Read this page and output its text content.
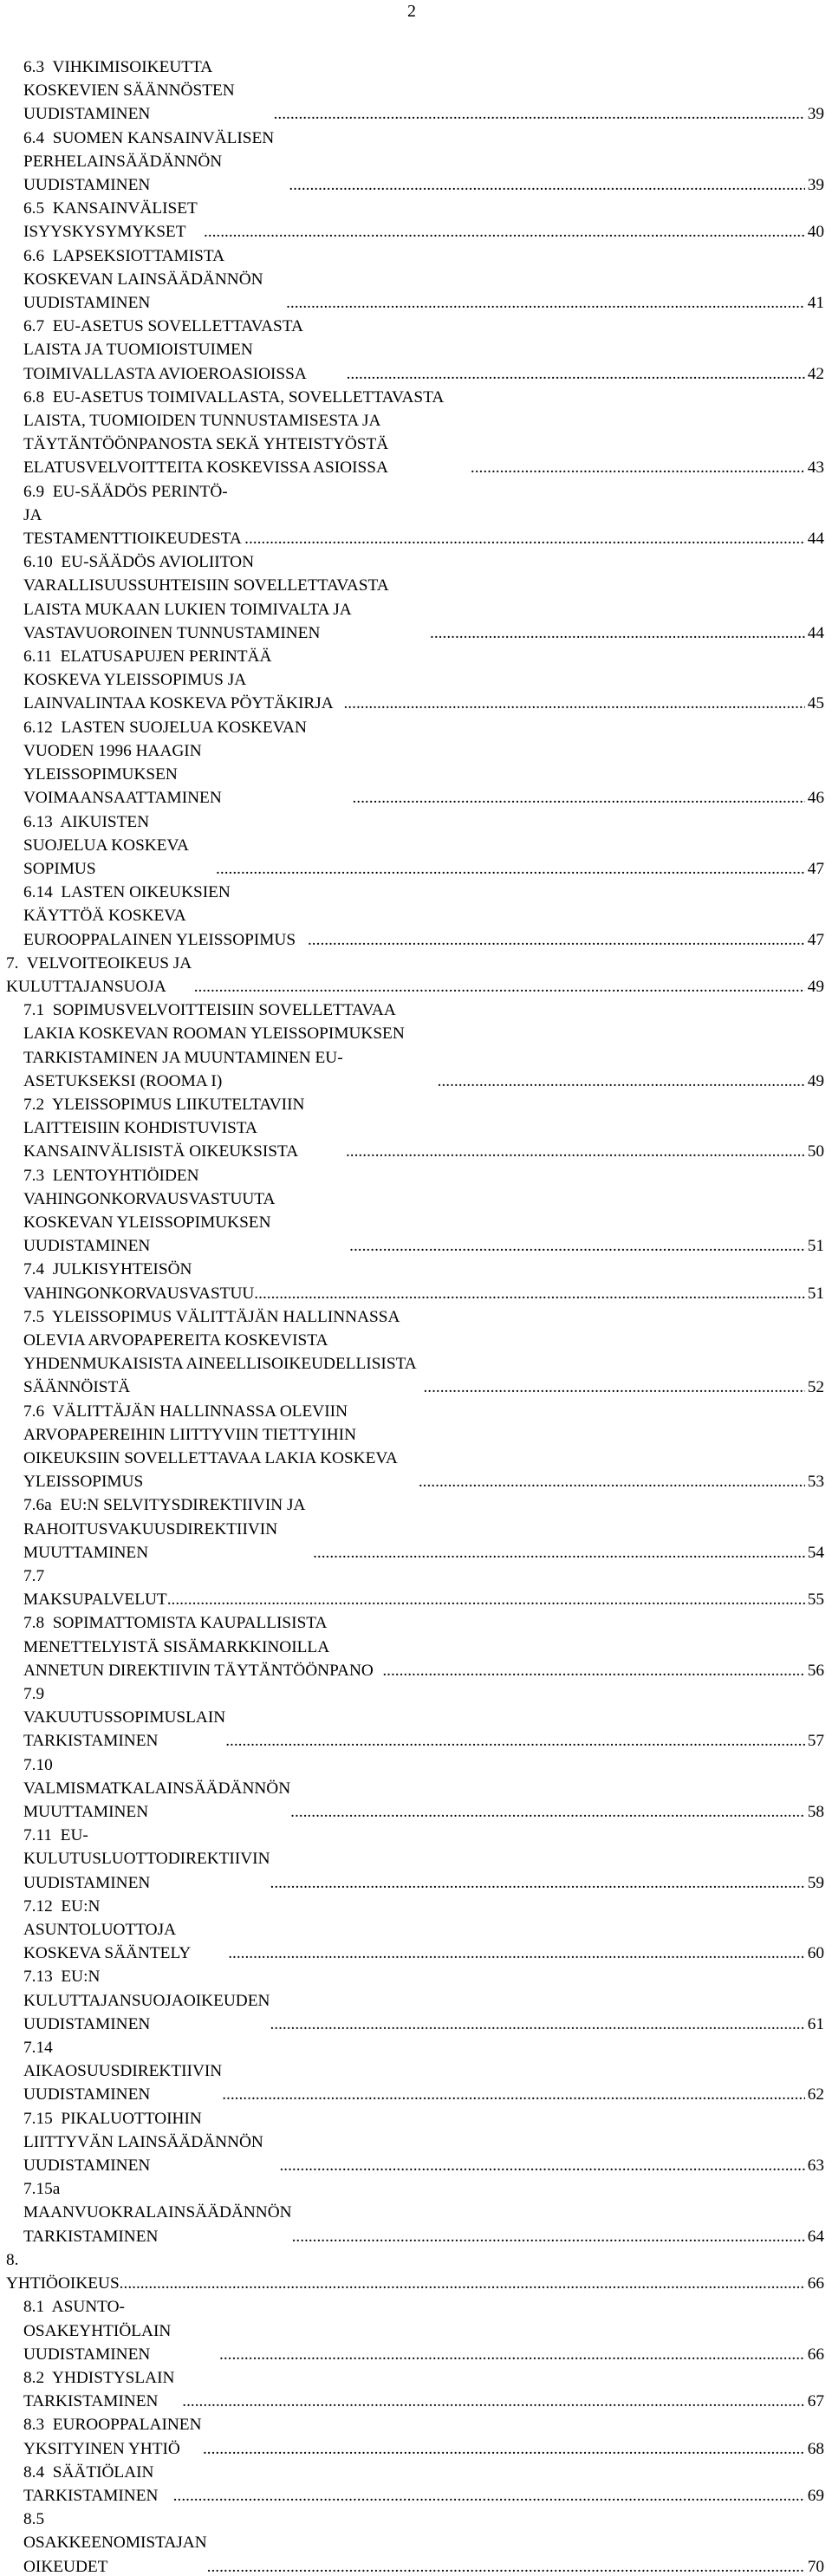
2
6.3  VIHKIMISOIKEUTTA KOSKEVIEN SÄÄNNÖSTEN UUDISTAMINEN .....	39
6.4  SUOMEN KANSAINVÄLISEN PERHELAINSÄÄDÄNNÖN UUDISTAMINEN .....	39
6.5  KANSAINVÄLISET ISYYSKYSYMYKSET .....	40
6.6  LAPSEKSIOTTAMISTA KOSKEVAN LAINSÄÄDÄNNÖN UUDISTAMINEN .....	41
6.7  EU-ASETUS SOVELLETTAVASTA LAISTA JA TUOMIOISTUIMEN TOIMIVALLASTA AVIOEROASIOISSA .....	42
6.8  EU-ASETUS TOIMIVALLASTA, SOVELLETTAVASTA LAISTA, TUOMIOIDEN TUNNUSTAMISESTA JA TÄYTÄNTÖÖNPANOSTA SEKÄ YHTEISTYÖSTÄ ELATUSVELVOITTEITA KOSKEVISSA ASIOISSA .....	43
6.9  EU-SÄÄDÖS PERINTÖ- JA TESTAMENTTIOIKEUDESTA .....	44
6.10  EU-SÄÄDÖS AVIOLIITON VARALLISUUSSUHTEISIIN SOVELLETTAVASTA LAISTA MUKAAN LUKIEN TOIMIVALTA JA VASTAVUOROINEN TUNNUSTAMINEN .....	44
6.11  ELATUSAPUJEN PERINTÄÄ KOSKEVA YLEISSOPIMUS JA LAINVALINTAA KOSKEVA PÖYTÄKIRJA .....	45
6.12  LASTEN SUOJELUA KOSKEVAN VUODEN 1996 HAAGIN YLEISSOPIMUKSEN VOIMAANSAATTAMINEN .....	46
6.13  AIKUISTEN SUOJELUA KOSKEVA SOPIMUS .....	47
6.14  LASTEN OIKEUKSIEN KÄYTTÖÄ KOSKEVA EUROOPPALAINEN YLEISSOPIMUS .....	47
7.  VELVOITEOIKEUS JA KULUTTAJANSUOJA .....	49
7.1  SOPIMUSVELVOITTEISIIN SOVELLETTAVAA LAKIA KOSKEVAN ROOMAN YLEISSOPIMUKSEN TARKISTAMINEN JA MUUNTAMINEN EU-ASETUKSEKSI (ROOMA I) .....	49
7.2  YLEISSOPIMUS LIIKUTELTAVIIN LAITTEISIIN KOHDISTUVISTA KANSAINVÄLISISTÄ OIKEUKSISTA .....	50
7.3  LENTOYHTIÖIDEN VAHINGONKORVAUSVASTUUTA KOSKEVAN YLEISSOPIMUKSEN UUDISTAMINEN .....	51
7.4  JULKISYHTEISÖN VAHINGONKORVAUSVASTUU .....	51
7.5  YLEISSOPIMUS VÄLITTÄJÄN HALLINNASSA OLEVIA ARVOPAPEREITA KOSKEVISTA YHDENMUKAISISTA AINEELLISOIKEUDELLISISTA SÄÄNNÖISTÄ .....	52
7.6  VÄLITTÄJÄN HALLINNASSA OLEVIIN ARVOPAPEREIHIN LIITTYVIIN TIETTYIHIN OIKEUKSIIN SOVELLETTAVAA LAKIA KOSKEVA YLEISSOPIMUS .....	53
7.6a  EU:N SELVITYSDIREKTIIVIN JA RAHOITUSVAKUUSDIREKTIIVIN MUUTTAMINEN .....	54
7.7  MAKSUPALVELUT .....	55
7.8  SOPIMATTOMISTA KAUPALLISISTA MENETTELYISTÄ SISÄMARKKINOILLA ANNETUN DIREKTIIVIN TÄYTÄNTÖÖNPANO .....	56
7.9  VAKUUTUSSOPIMUSLAIN TARKISTAMINEN .....	57
7.10  VALMISMATKALAINSÄÄDÄNNÖN MUUTTAMINEN .....	58
7.11  EU-KULUTUSLUOTTODIREKTIIVIN UUDISTAMINEN .....	59
7.12  EU:N ASUNTOLUOTTOJA KOSKEVA SÄÄNTELY .....	60
7.13  EU:N KULUTTAJANSUOJAOIKEUDEN UUDISTAMINEN .....	61
7.14  AIKAOSUUSDIREKTIIVIN UUDISTAMINEN .....	62
7.15  PIKALUOTTOIHIN LIITTYVÄN LAINSÄÄDÄNNÖN UUDISTAMINEN .....	63
7.15a  MAANVUOKRALAINSÄÄDÄNNÖN TARKISTAMINEN .....	64
8.  YHTIÖOIKEUS .....	66
8.1  ASUNTO-OSAKEYHTIÖLAIN UUDISTAMINEN .....	66
8.2  YHDISTYSLAIN TARKISTAMINEN .....	67
8.3  EUROOPPALAINEN YKSITYINEN YHTIÖ .....	68
8.4  SÄÄTIÖLAIN TARKISTAMINEN .....	69
8.5  OSAKKEENOMISTAJAN OIKEUDET .....	70
